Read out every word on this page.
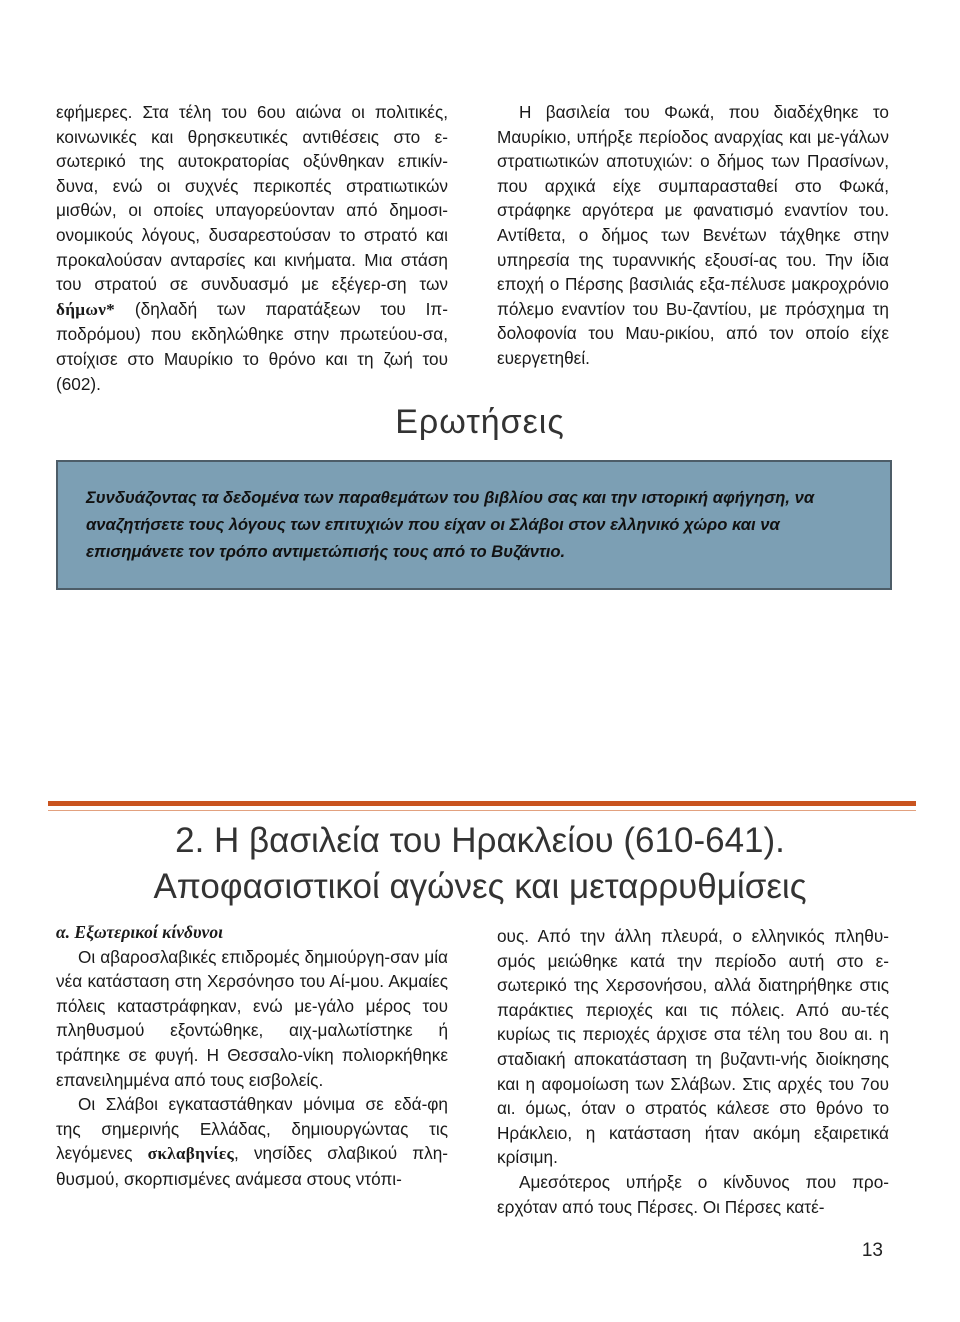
εφήμερες. Στα τέλη του 6ου αιώνα οι πολιτικές, κοινωνικές και θρησκευτικές αντιθέσεις στο ε-σωτερικό της αυτοκρατορίας οξύνθηκαν επικίν-δυνα, ενώ οι συχνές περικοπές στρατιωτικών μισθών, οι οποίες υπαγορεύονταν από δημοσι-ονομικούς λόγους, δυσαρεστούσαν το στρατό και προκαλούσαν ανταρσίες και κινήματα. Μια στάση του στρατού σε συνδυασμό με εξέγερ-ση των δήμων* (δηλαδή των παρατάξεων του Ιπ-ποδρόμου) που εκδηλώθηκε στην πρωτεύου-σα, στοίχισε στο Μαυρίκιο το θρόνο και τη ζωή του (602).

Η βασιλεία του Φωκά, που διαδέχθηκε το Μαυρίκιο, υπήρξε περίοδος αναρχίας και με-γάλων στρατιωτικών αποτυχιών: ο δήμος των Πρασίνων, που αρχικά είχε συμπαρασταθεί στο Φωκά, στράφηκε αργότερα με φανατισμό εναντίον του. Αντίθετα, ο δήμος των Βενέτων τάχθηκε στην υπηρεσία της τυραννικής εξουσί-ας του. Την ίδια εποχή ο Πέρσης βασιλιάς εξα-πέλυσε μακροχρόνιο πόλεμο εναντίον του Βυ-ζαντίου, με πρόσχημα τη δολοφονία του Μαυ-ρικίου, από τον οποίο είχε ευεργετηθεί.

Ερωτήσεις
Συνδυάζοντας τα δεδομένα των παραθεμάτων του βιβλίου σας και την ιστορική αφήγηση, να αναζητήσετε τους λόγους των επιτυχιών που είχαν οι Σλάβοι στον ελληνικό χώρο και να επισημάνετε τον τρόπο αντιμετώπισής τους από το Βυζάντιο.
2. Η βασιλεία του Ηρακλείου (610-641).
Αποφασιστικοί αγώνες και μεταρρυθμίσεις
α. Εξωτερικοί κίνδυνοι

Οι αβαροσλαβικές επιδρομές δημιούργη-σαν μία νέα κατάσταση στη Χερσόνησο του Αί-μου. Ακμαίες πόλεις καταστράφηκαν, ενώ με-γάλο μέρος του πληθυσμού εξοντώθηκε, αιχ-μαλωτίστηκε ή τράπηκε σε φυγή. Η Θεσσαλο-νίκη πολιορκήθηκε επανειλημμένα από τους εισβολείς.

Οι Σλάβοι εγκαταστάθηκαν μόνιμα σε εδά-φη της σημερινής Ελλάδας, δημιουργώντας τις λεγόμενες σκλαβηνίες, νησίδες σλαβικού πλη-θυσμού, σκορπισμένες ανάμεσα στους ντόπι-

ους. Από την άλλη πλευρά, ο ελληνικός πληθυ-σμός μειώθηκε κατά την περίοδο αυτή στο ε-σωτερικό της Χερσονήσου, αλλά διατηρήθηκε στις παράκτιες περιοχές και τις πόλεις. Από αυ-τές κυρίως τις περιοχές άρχισε στα τέλη του 8ου αι. η σταδιακή αποκατάσταση τη βυζαντι-νής διοίκησης και η αφομοίωση των Σλάβων. Στις αρχές του 7ου αι. όμως, όταν ο στρατός κάλεσε στο θρόνο το Ηράκλειο, η κατάσταση ήταν ακόμη εξαιρετικά κρίσιμη.

Αμεσότερος υπήρξε ο κίνδυνος που προ-ερχόταν από τους Πέρσες. Οι Πέρσες κατέ-

13
